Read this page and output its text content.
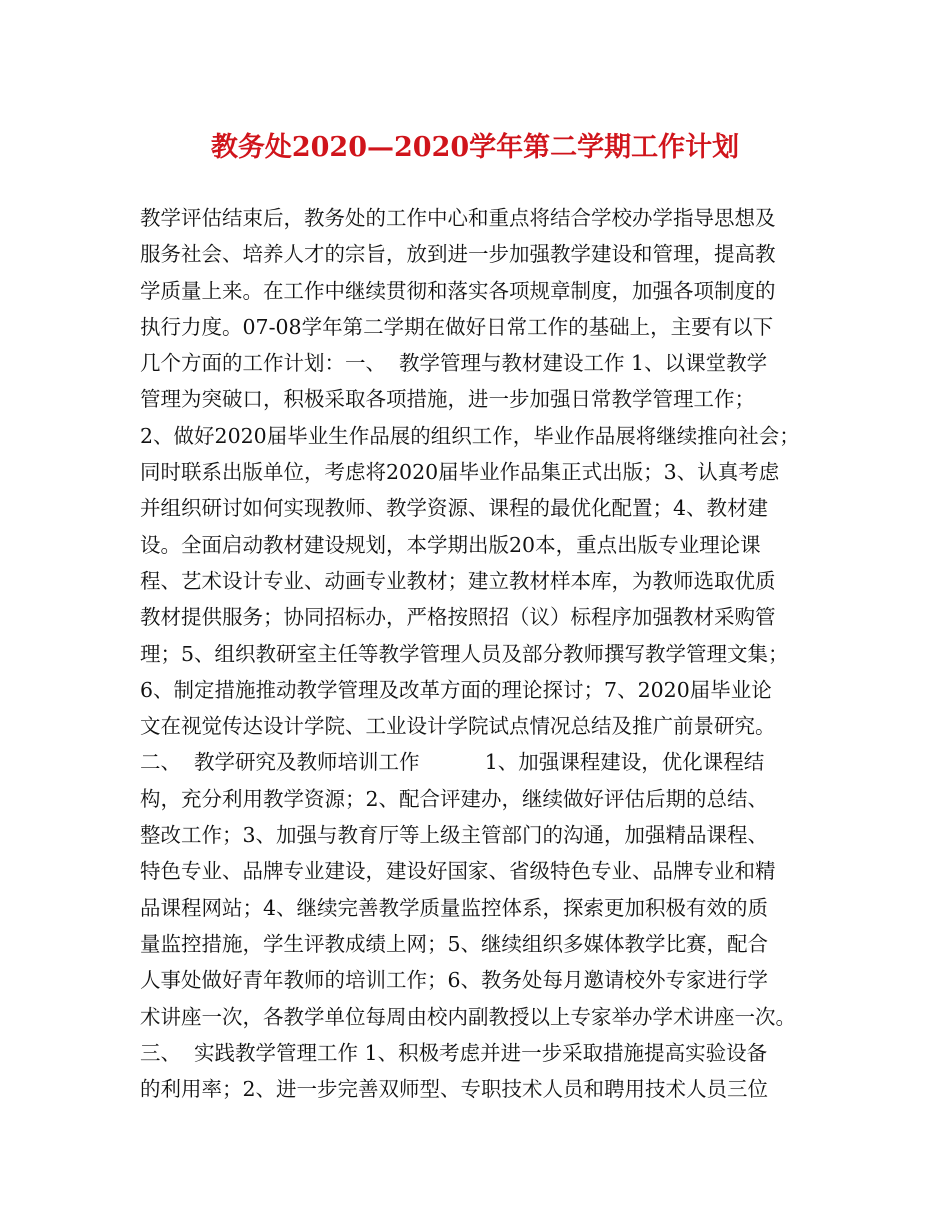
教务处2020—2020学年第二学期工作计划
教学评估结束后，教务处的工作中心和重点将结合学校办学指导思想及
服务社会、培养人才的宗旨，放到进一步加强教学建设和管理，提高教
学质量上来。在工作中继续贯彻和落实各项规章制度，加强各项制度的
执行力度。07-08学年第二学期在做好日常工作的基础上，主要有以下
几个方面的工作计划：一、  教学管理与教材建设工作 1、以课堂教学
管理为突破口，积极采取各项措施，进一步加强日常教学管理工作；
2、做好2020届毕业生作品展的组织工作，毕业作品展将继续推向社会；
同时联系出版单位，考虑将2020届毕业作品集正式出版；3、认真考虑
并组织研讨如何实现教师、教学资源、课程的最优化配置；4、教材建
设。全面启动教材建设规划，本学期出版20本，重点出版专业理论课
程、艺术设计专业、动画专业教材；建立教材样本库，为教师选取优质
教材提供服务；协同招标办，严格按照招（议）标程序加强教材采购管
理；5、组织教研室主任等教学管理人员及部分教师撰写教学管理文集；
6、制定措施推动教学管理及改革方面的理论探讨；7、2020届毕业论
文在视觉传达设计学院、工业设计学院试点情况总结及推广前景研究。
二、  教学研究及教师培训工作          1、加强课程建设，优化课程结
构，充分利用教学资源；2、配合评建办，继续做好评估后期的总结、
整改工作；3、加强与教育厅等上级主管部门的沟通，加强精品课程、
特色专业、品牌专业建设，建设好国家、省级特色专业、品牌专业和精
品课程网站；4、继续完善教学质量监控体系，探索更加积极有效的质
量监控措施，学生评教成绩上网；5、继续组织多媒体教学比赛，配合
人事处做好青年教师的培训工作；6、教务处每月邀请校外专家进行学
术讲座一次，各教学单位每周由校内副教授以上专家举办学术讲座一次。
三、  实践教学管理工作 1、积极考虑并进一步采取措施提高实验设备
的利用率；2、进一步完善双师型、专职技术人员和聘用技术人员三位
